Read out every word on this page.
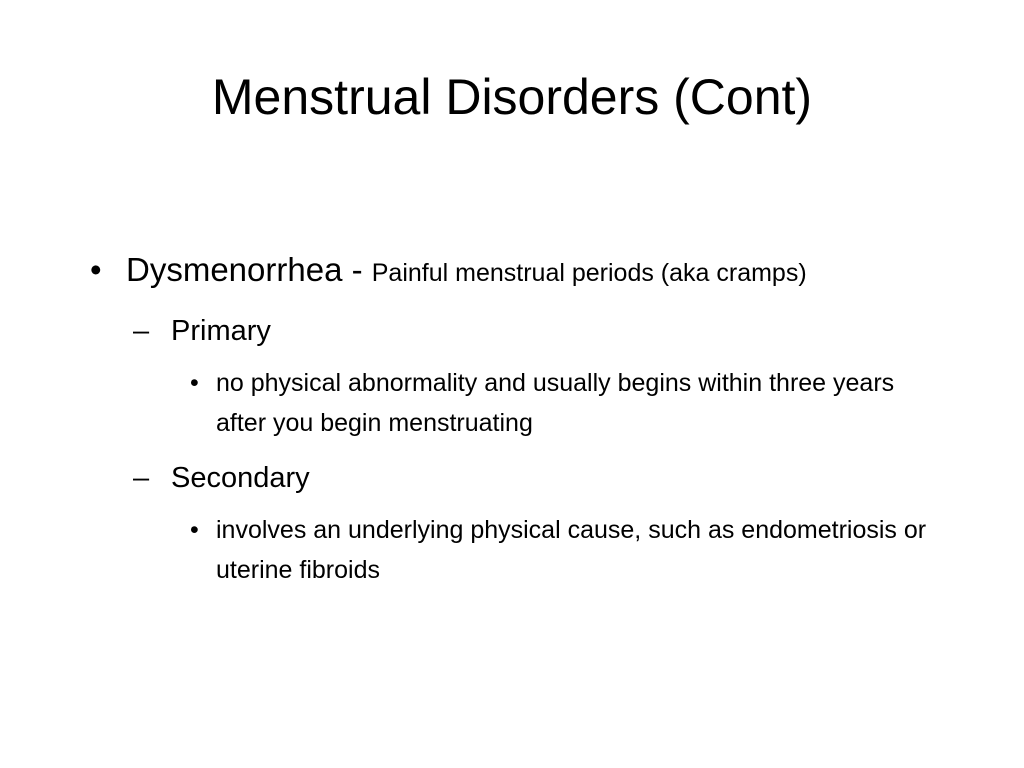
Menstrual Disorders (Cont)
• Dysmenorrhea - Painful menstrual periods (aka cramps)
– Primary
• no physical abnormality and usually begins within three years after you begin menstruating
– Secondary
• involves an underlying physical cause, such as endometriosis or uterine fibroids
